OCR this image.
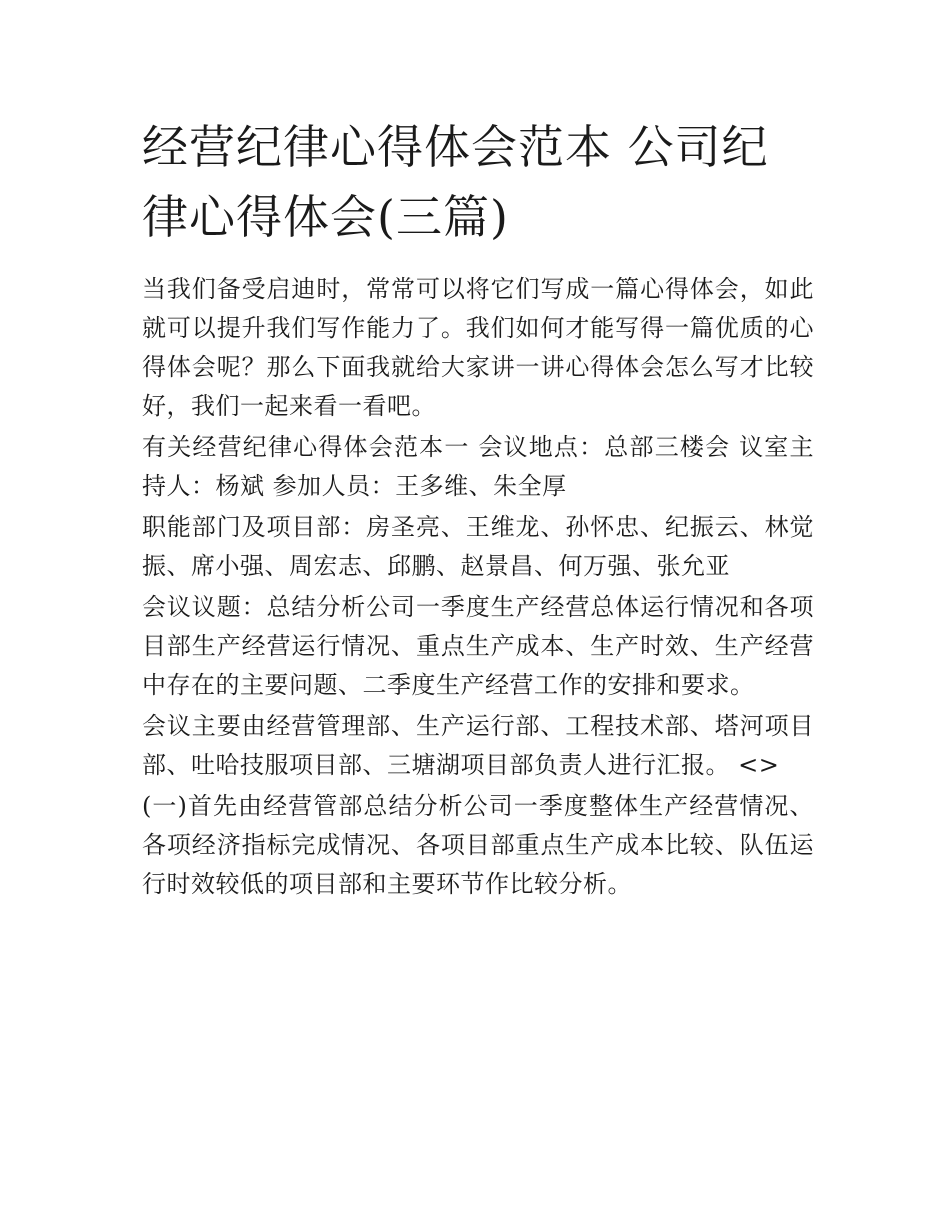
经营纪律心得体会范本 公司纪律心得体会(三篇)

当我们备受启迪时，常常可以将它们写成一篇心得体会，如此就可以提升我们写作能力了。我们如何才能写得一篇优质的心得体会呢？那么下面我就给大家讲一讲心得体会怎么写才比较好，我们一起来看一看吧。

有关经营纪律心得体会范本一 会议地点：总部三楼会 议室主持人：杨斌 参加人员：王多维、朱全厚

职能部门及项目部：房圣亮、王维龙、孙怀忠、纪振云、林觉振、席小强、周宏志、邱鹏、赵景昌、何万强、张允亚

会议议题：总结分析公司一季度生产经营总体运行情况和各项目部生产经营运行情况、重点生产成本、生产时效、生产经营中存在的主要问题、二季度生产经营工作的安排和要求。

会议主要由经营管理部、生产运行部、工程技术部、塔河项目部、吐哈技服项目部、三塘湖项目部负责人进行汇报。 <>

(一)首先由经营管部总结分析公司一季度整体生产经营情况、各项经济指标完成情况、各项目部重点生产成本比较、队伍运行时效较低的项目部和主要环节作比较分析。
